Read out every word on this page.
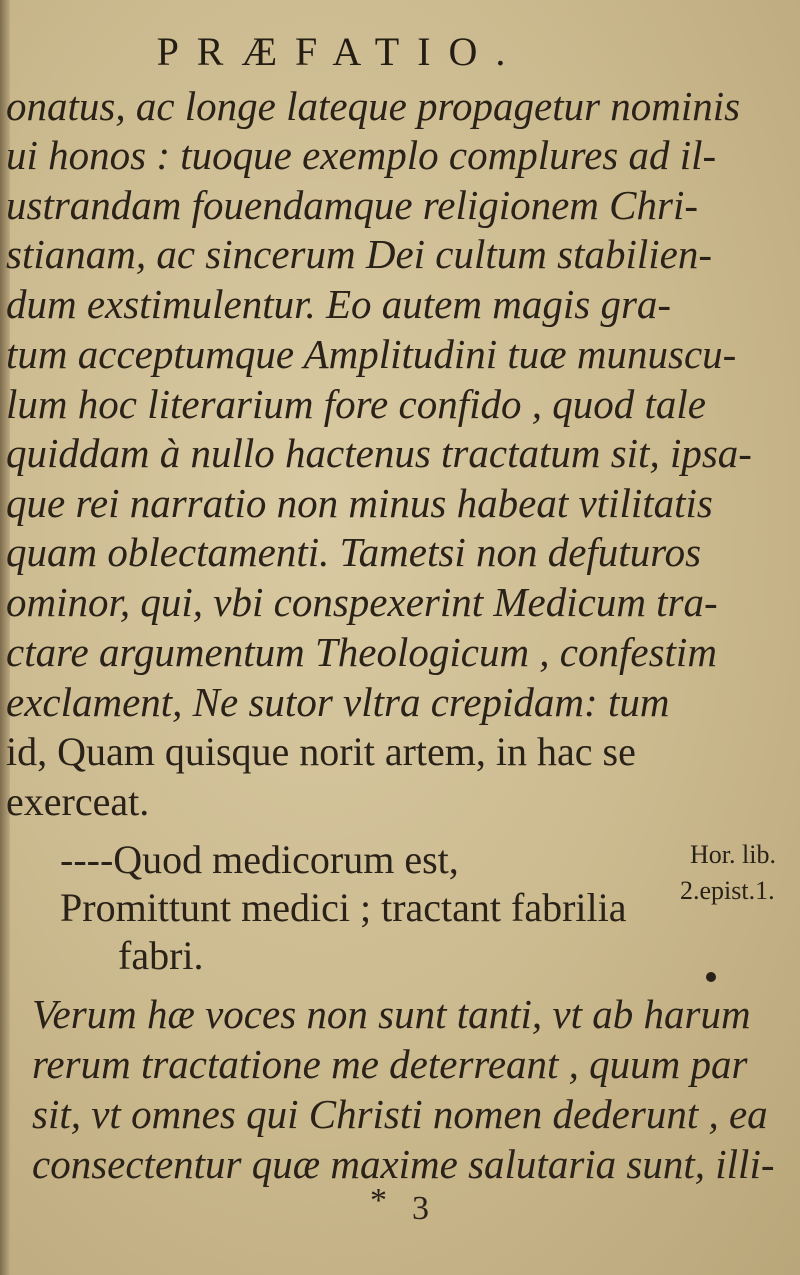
PRÆFATIO.
onatus, ac longe lateque propagetur nominis
ui honos : tuoque exemplo complures ad il-
ustrandam fouendamque religionem Chri-
stianam, ac sincerum Dei cultum stabilien-
dum exstimulentur. Eo autem magis gra-
tum acceptumque Amplitudini tuæ munuscu-
lum hoc literarium fore confido , quod tale
quiddam à nullo hactenus tractatum sit, ipsa-
que rei narratio non minus habeat vtilitatis
quam oblectamenti. Tametsi non defuturos
ominor, qui, vbi conspexerint Medicum tra-
ctare argumentum Theologicum , confestim
exclament, Ne sutor vltra crepidam: tum
id, Quam quisque norit artem, in hac se
exerceat.
----Quod medicorum est,
Promittunt medici ; tractant fabrilia
fabri.
Hor. lib.
2.epist.1.
Verum hæ voces non sunt tanti, vt ab harum
rerum tractatione me deterreant , quum par
sit, vt omnes qui Christi nomen dederunt , ea
consectentur quæ maxime salutaria sunt, illi-
* 3
